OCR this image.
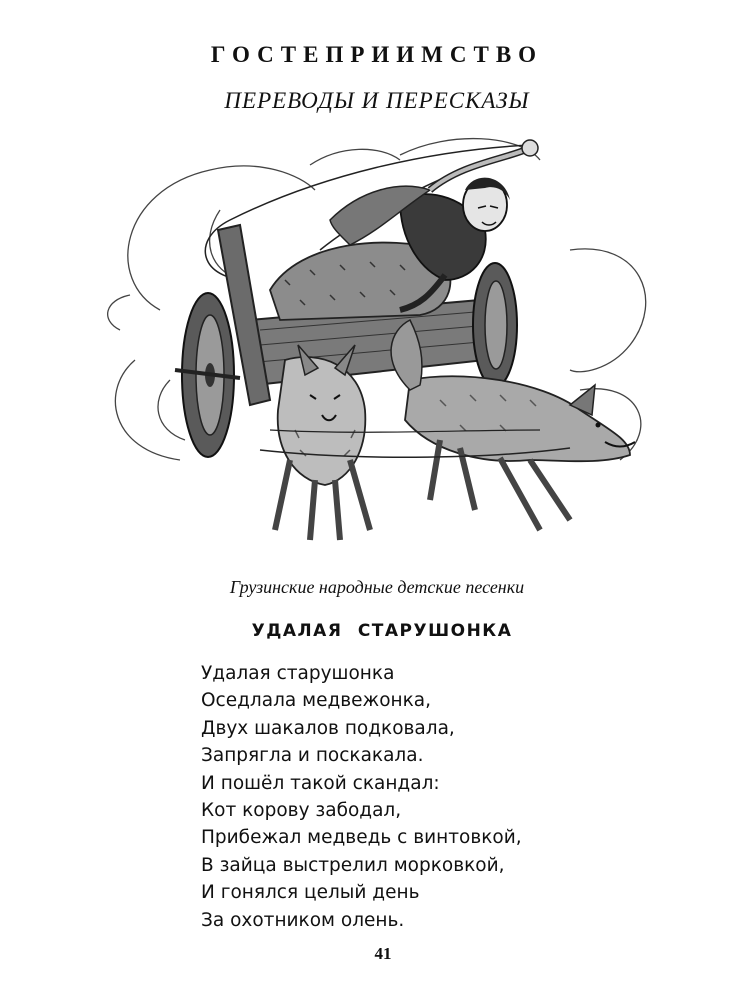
ГОСТЕПРИИМСТВО
ПЕРЕВОДЫ И ПЕРЕСКАЗЫ
Грузинские народные детские песенки
УДАЛАЯ СТАРУШОНКА
Удалая старушонка
Оседлала медвежонка,
Двух шакалов подковала,
Запрягла и поскакала.
И пошёл такой скандал:
Кот корову забодал,
Прибежал медведь с винтовкой,
В зайца выстрелил морковкой,
И гонялся целый день
За охотником олень.
41
